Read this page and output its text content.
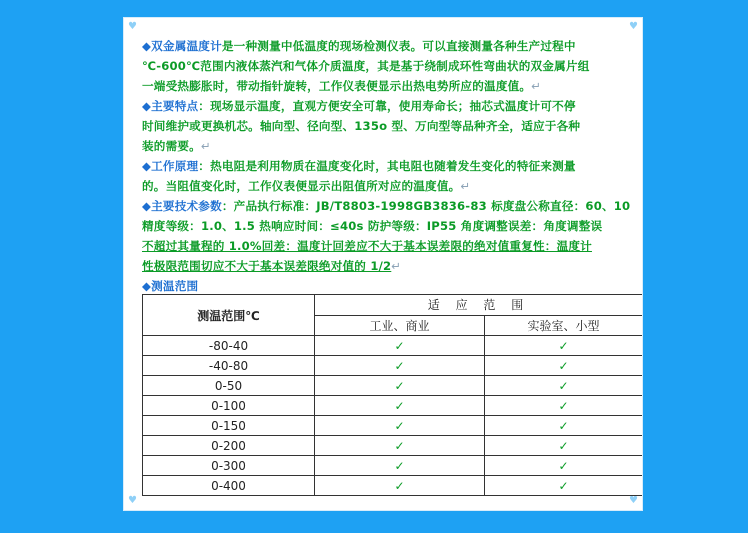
♥	♥
♥	♥
◆双金属温度计是一种测量中低温度的现场检测仪表。可以直接测量各种生产过程中
℃-600℃范围内液体蒸汽和气体介质温度，其是基于绕制成环性弯曲状的双金属片组
一端受热膨胀时，带动指针旋转，工作仪表便显示出热电势所应的温度值。↵
◆主要特点：现场显示温度，直观方便安全可靠，使用寿命长；抽芯式温度计可不停
时间维护或更换机芯。轴向型、径向型、135o 型、万向型等品种齐全，适应于各种
装的需要。↵
◆工作原理：热电阻是利用物质在温度变化时，其电阻也随着发生变化的特征来测量
的。当阻值变化时，工作仪表便显示出阻值所对应的温度值。↵
◆主要技术参数：产品执行标准：JB/T8803-1998GB3836-83 标度盘公称直径：60、10
精度等级：1.0、1.5 热响应时间：≤40s 防护等级：IP55 角度调整误差：角度调整误
不超过其量程的 1.0%回差：温度计回差应不大于基本误差限的绝对值重复性：温度计
性极限范围切应不大于基本误差限绝对值的 1/2↵
◆测温范围
测温范围℃	适 应 范 围	
	工业、商业	实验室、小型
-80-40	✓	✓
-40-80	✓	✓
0-50	✓	✓
0-100	✓	✓
0-150	✓	✓
0-200	✓	✓
0-300	✓	✓
0-400	✓	✓
